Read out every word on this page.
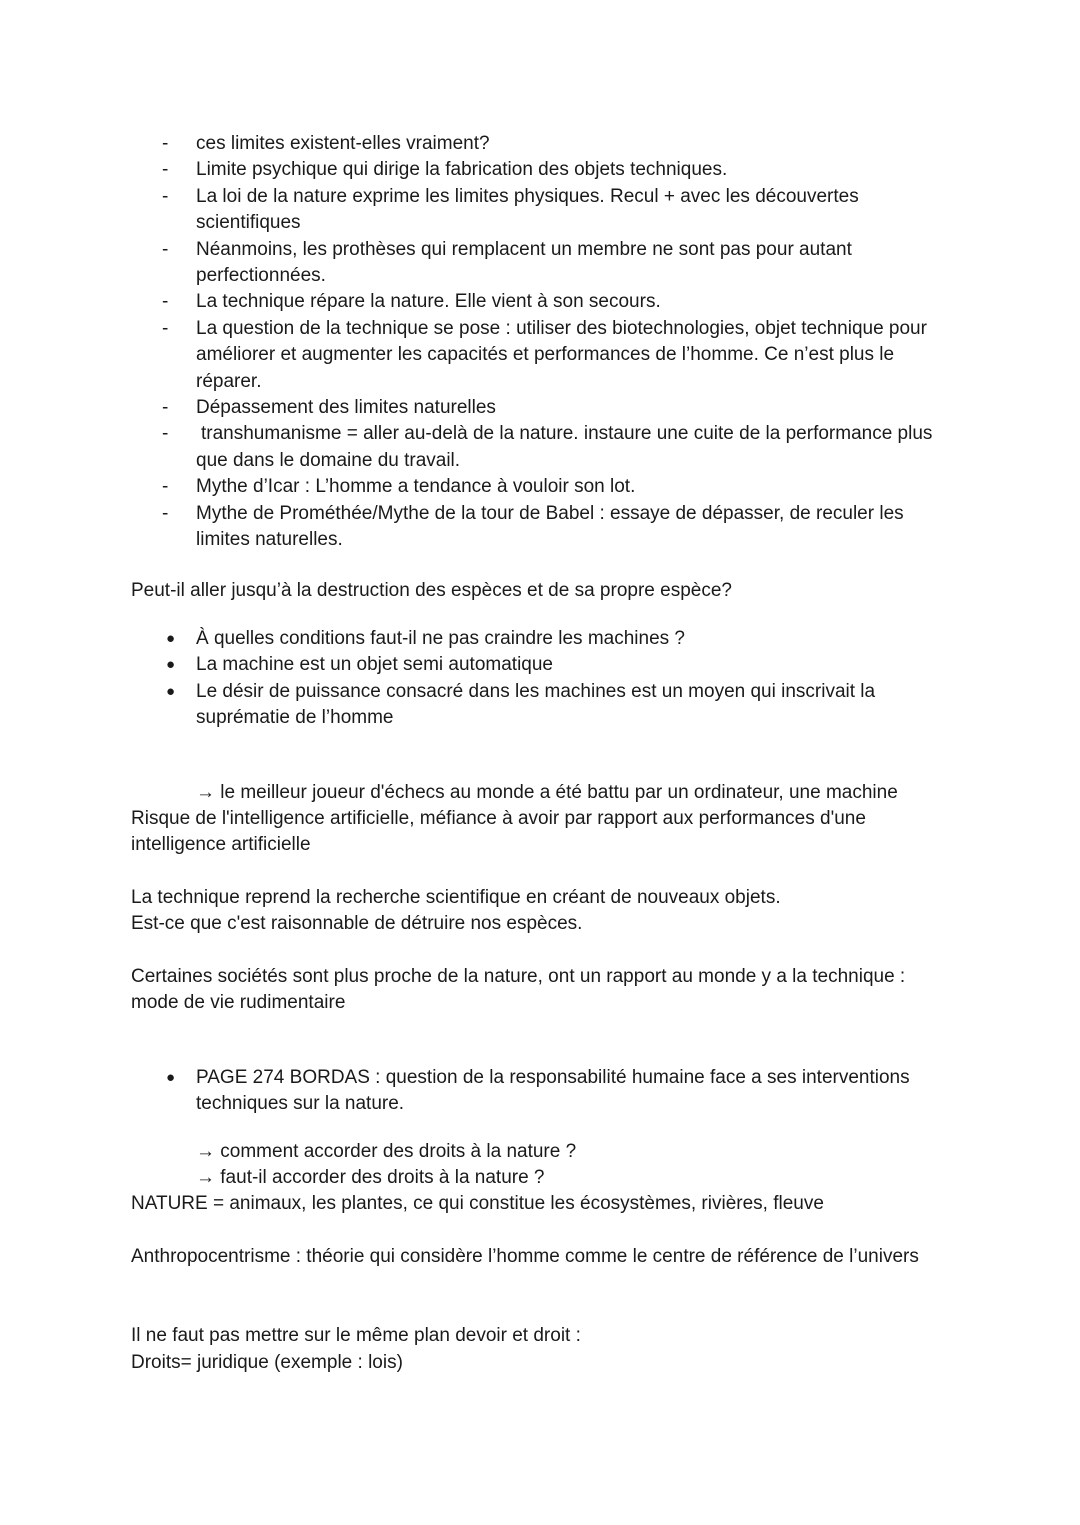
- ces limites existent-elles vraiment?
- Limite psychique qui dirige la fabrication des objets techniques.
- La loi de la nature exprime les limites physiques. Recul + avec les découvertes scientifiques
- Néanmoins, les prothèses qui remplacent un membre ne sont pas pour autant perfectionnées.
- La technique répare la nature. Elle vient à son secours.
- La question de la technique se pose : utiliser des biotechnologies, objet technique pour améliorer et augmenter les capacités et performances de l’homme. Ce n’est plus le réparer.
- Dépassement des limites naturelles
- transhumanisme = aller au-delà de la nature. instaure une cuite de la performance plus que dans le domaine du travail.
- Mythe d’Icar : L’homme a tendance à vouloir son lot.
- Mythe de Prométhée/Mythe de la tour de Babel : essaye de dépasser, de reculer les limites naturelles.

Peut-il aller jusqu’à la destruction des espèces et de sa propre espèce?

● À quelles conditions faut-il ne pas craindre les machines ?
● La machine est un objet semi automatique
● Le désir de puissance consacré dans les machines est un moyen qui inscrivait la suprématie de l’homme

→ le meilleur joueur d'échecs au monde a été battu par un ordinateur, une machine

Risque de l'intelligence artificielle, méfiance à avoir par rapport aux performances d'une intelligence artificielle

La technique reprend la recherche scientifique en créant de nouveaux objets.

Est-ce que c'est raisonnable de détruire nos espèces.

Certaines sociétés sont plus proche de la nature, ont un rapport au monde y a la technique : mode de vie rudimentaire

● PAGE 274 BORDAS : question de la responsabilité humaine face a ses interventions techniques sur la nature.

→ comment accorder des droits à la nature ?

→ faut-il accorder des droits à la nature ?

NATURE = animaux, les plantes, ce qui constitue les écosystèmes, rivières, fleuve

Anthropocentrisme : théorie qui considère l’homme comme le centre de référence de l’univers

Il ne faut pas mettre sur le même plan devoir et droit :

Droits= juridique (exemple : lois)
